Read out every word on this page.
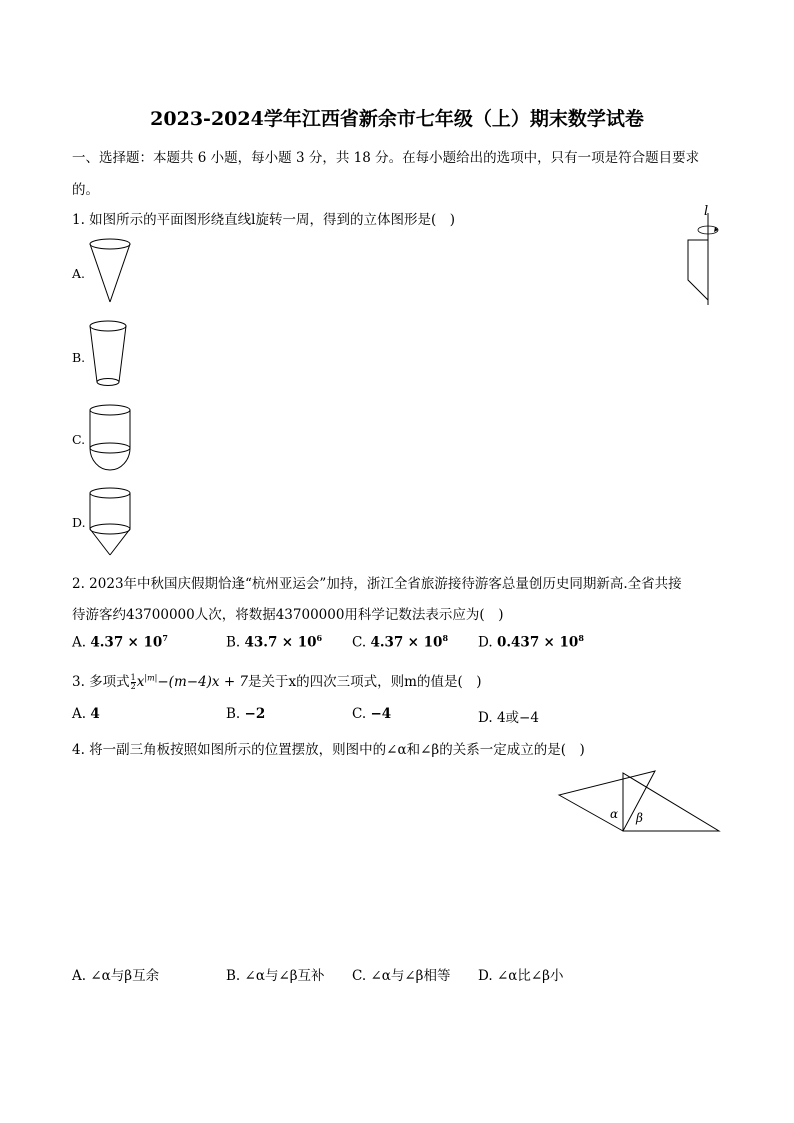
2023-2024学年江西省新余市七年级（上）期末数学试卷
一、选择题：本题共 6 小题，每小题 3 分，共 18 分。在每小题给出的选项中，只有一项是符合题目要求
的。
1. 如图所示的平面图形绕直线l旋转一周，得到的立体图形是(　)
l
A.
B.
C.
D.
2. 2023年中秋国庆假期恰逢“杭州亚运会”加持，浙江全省旅游接待游客总量创历史同期新高.全省共接
待游客约43700000人次，将数据43700000用科学记数法表示应为(　)
A. $4.37 \times 10^7$	B. $43.7 \times 10^6$ C. $4.37 \times 10^8$ D. $0.437 \times 10^8$
3. 多项式 $\frac{1}{2} x^{|m|}-(m-4)x + 7$是关于x的四次三项式，则m的值是(　)
A. 4	B. −2	C. −4	D. 4或−4
4. 将一副三角板按照如图所示的位置摆放，则图中的∠α和∠β的关系一定成立的是(　)
α β
A. ∠α与β互余	B. ∠α与∠β互补 C. ∠α与∠β相等 D. ∠α比∠β小
